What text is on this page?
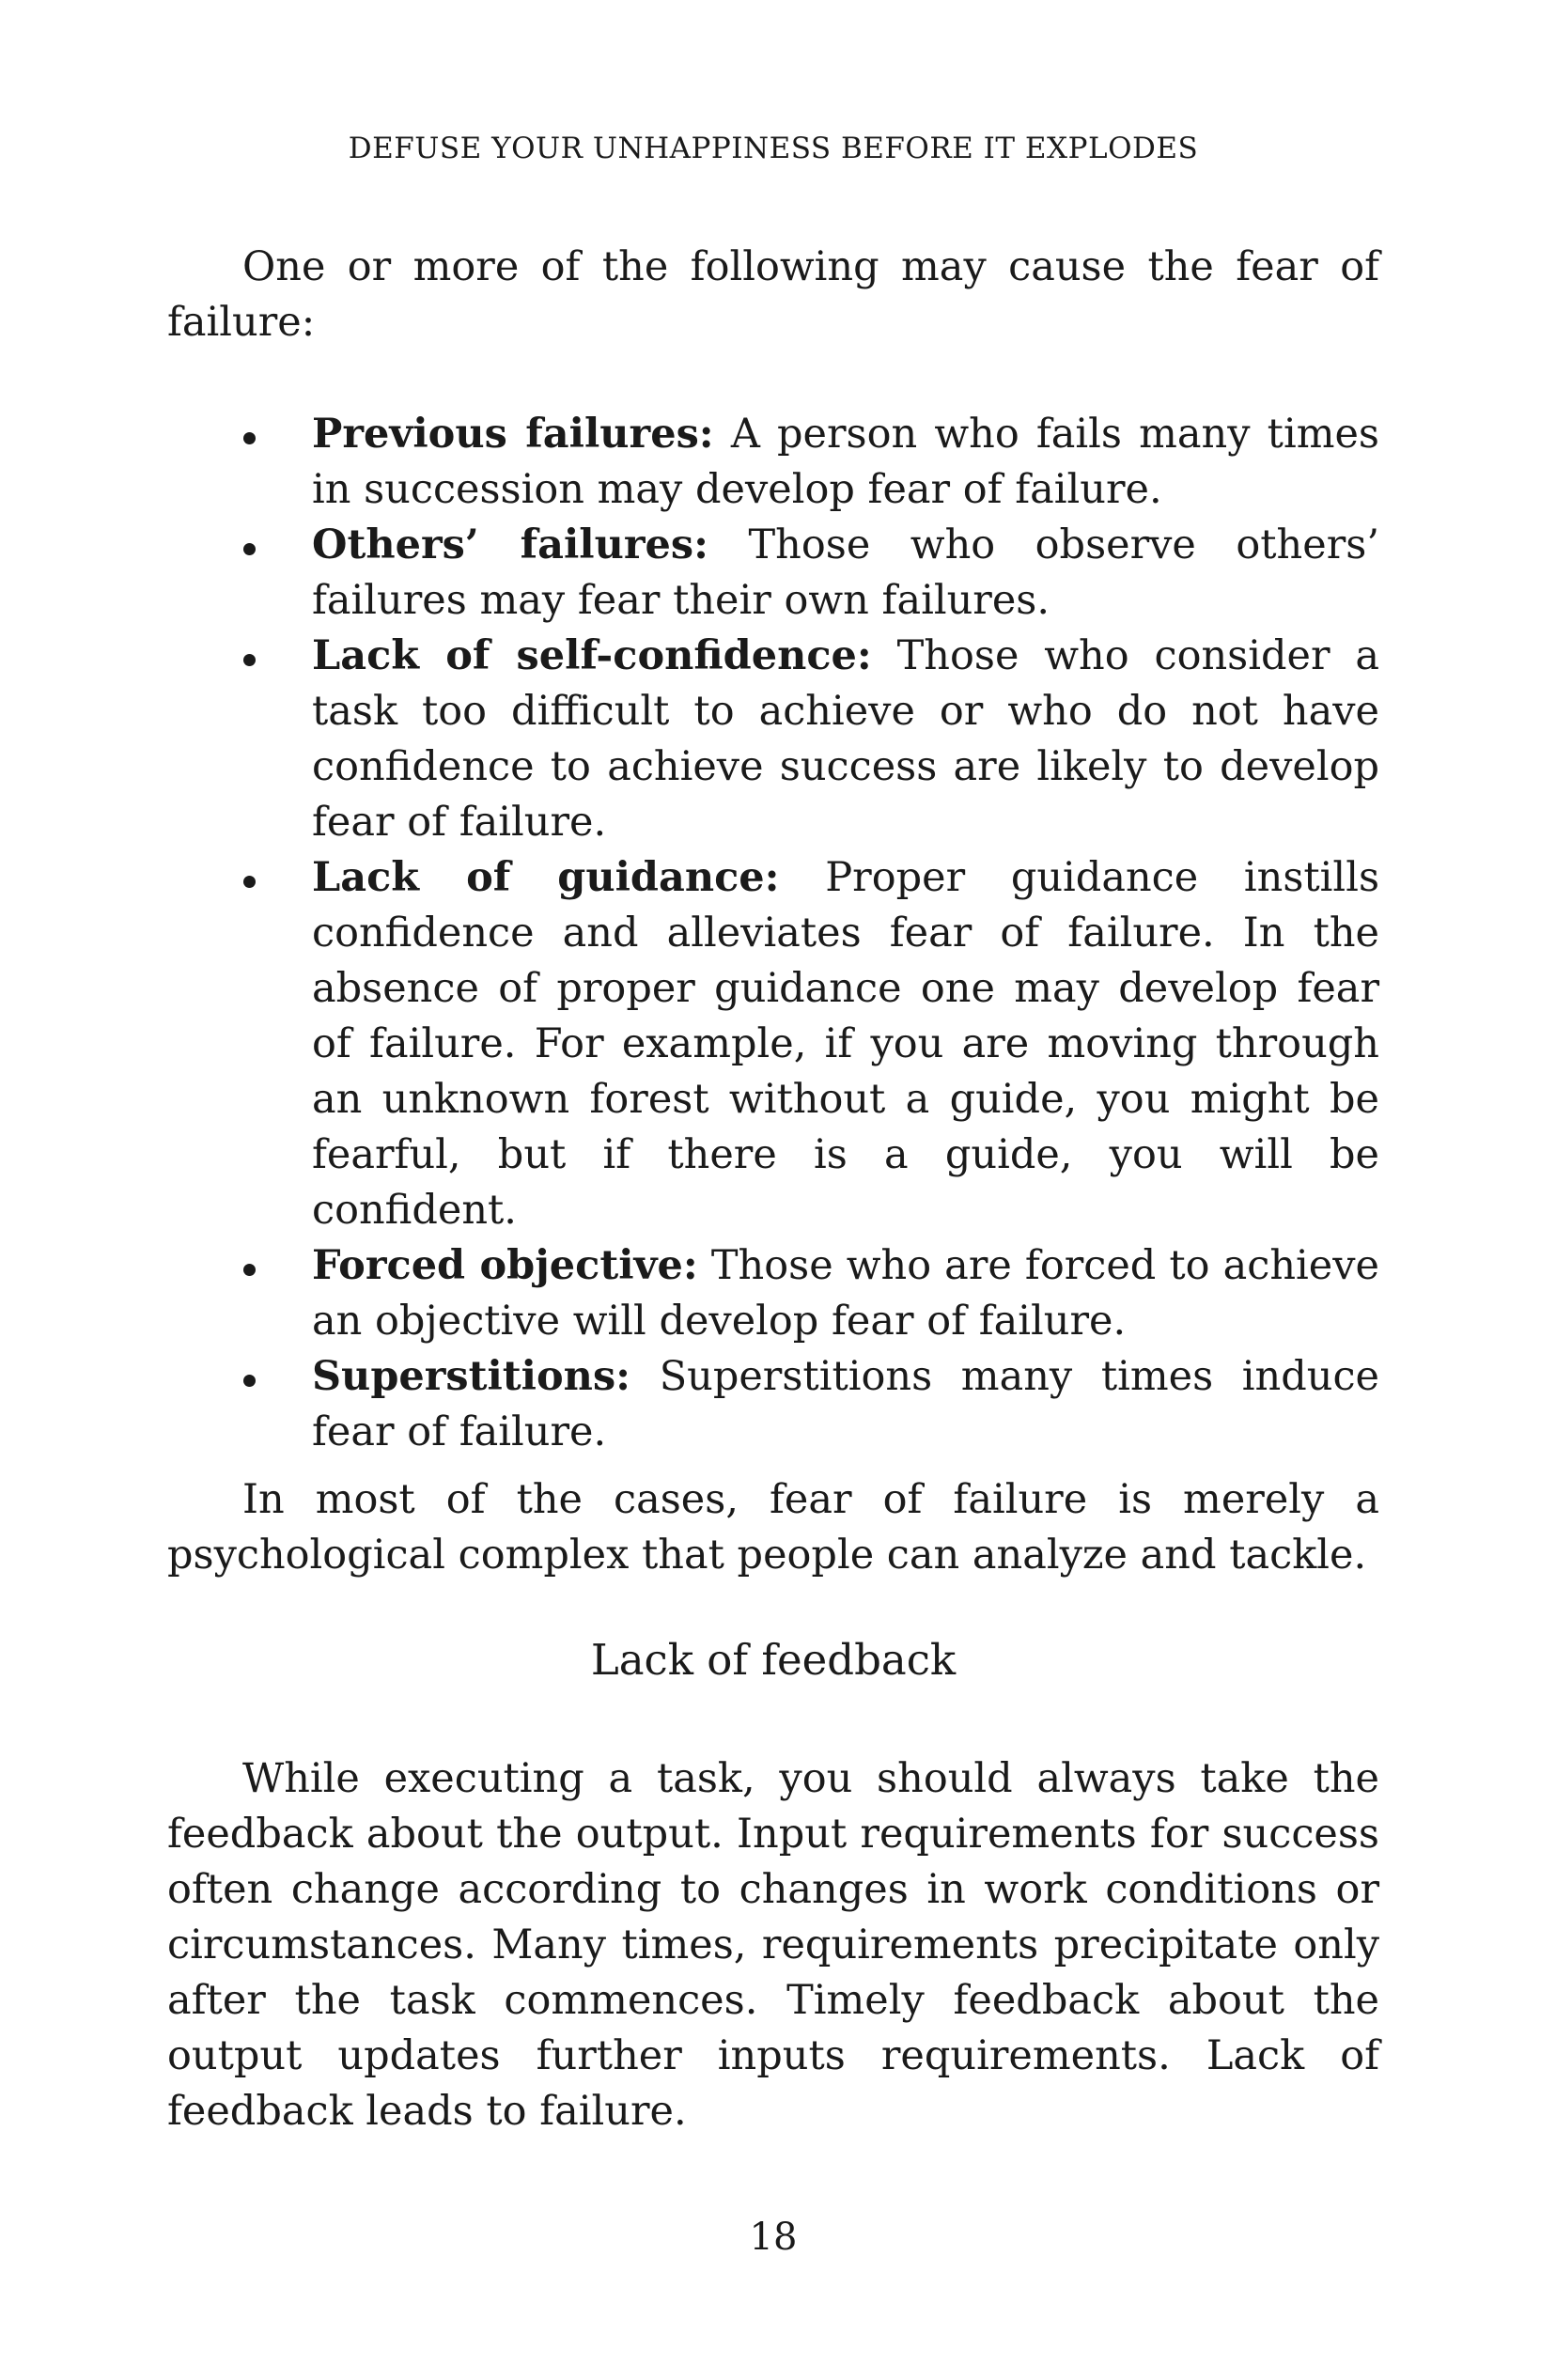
DEFUSE YOUR UNHAPPINESS BEFORE IT EXPLODES

One or more of the following may cause the fear of failure:

Previous failures: A person who fails many times in succession may develop fear of failure.
Others’ failures: Those who observe others’ failures may fear their own failures.
Lack of self-confidence: Those who consider a task too difficult to achieve or who do not have confidence to achieve success are likely to develop fear of failure.
Lack of guidance: Proper guidance instills confidence and alleviates fear of failure. In the absence of proper guidance one may develop fear of failure. For example, if you are moving through an unknown forest without a guide, you might be fearful, but if there is a guide, you will be confident.
Forced objective: Those who are forced to achieve an objective will develop fear of failure.
Superstitions: Superstitions many times induce fear of failure.

In most of the cases, fear of failure is merely a psychological complex that people can analyze and tackle.

Lack of feedback

While executing a task, you should always take the feedback about the output. Input requirements for success often change according to changes in work conditions or circumstances. Many times, requirements precipitate only after the task commences. Timely feedback about the output updates further inputs requirements. Lack of feedback leads to failure.

18
